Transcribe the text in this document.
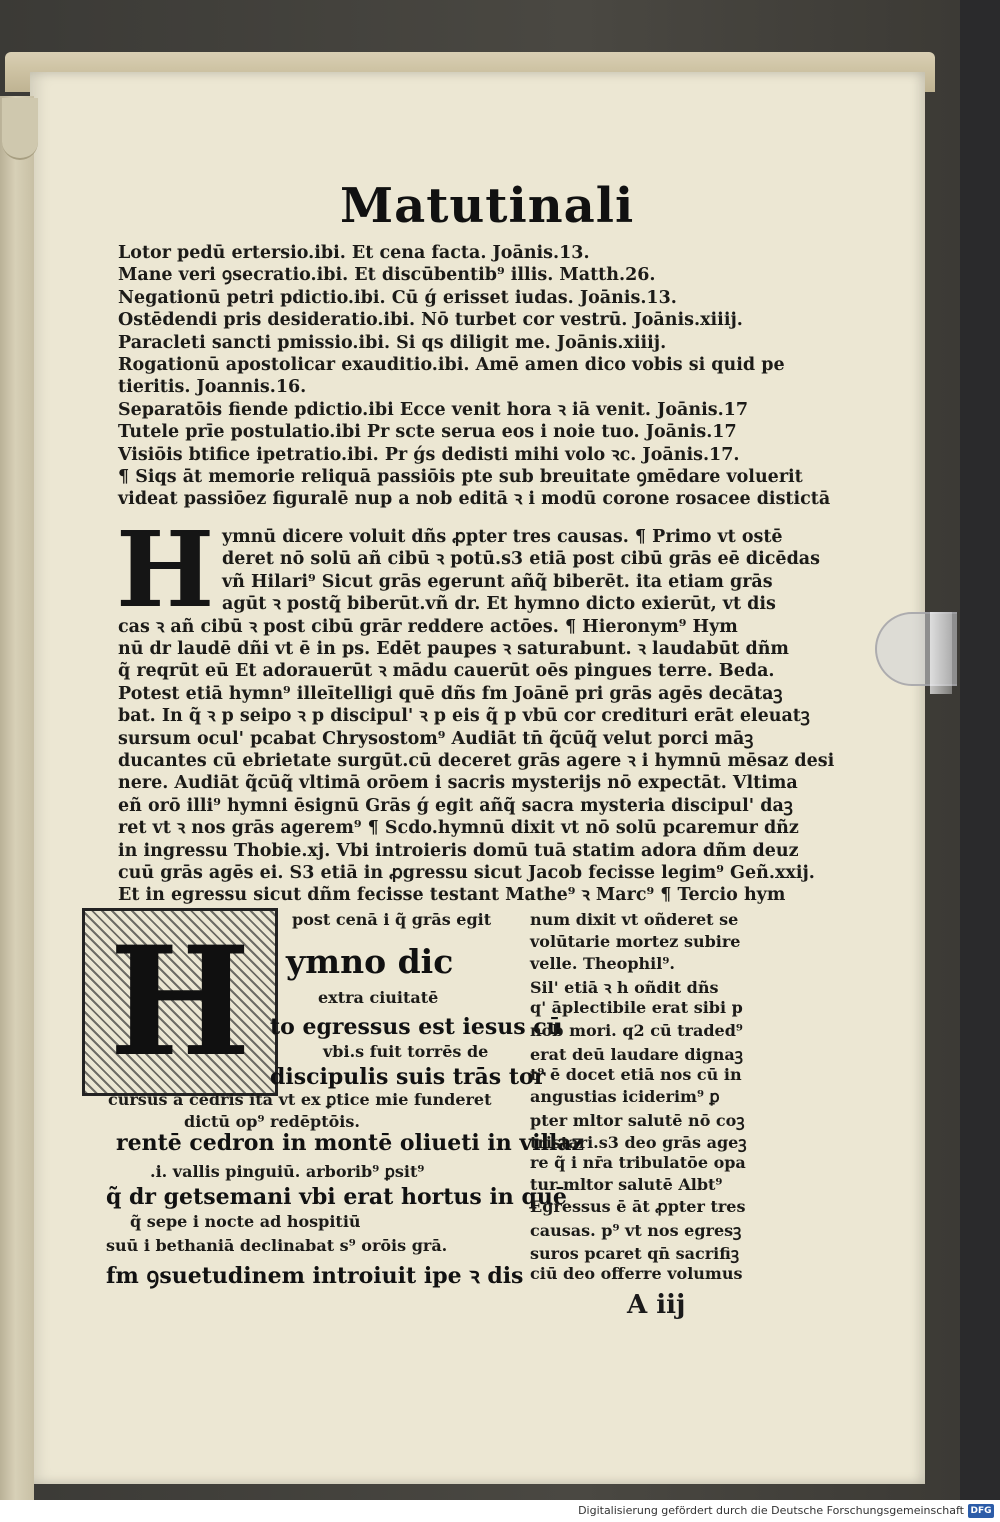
Matutinali
Lotor pedū ertersio.ibi. Et cena facta. Joānis.13.
Mane veri ꝯsecratio.ibi. Et discūbentib⁹ illis. Matth.26.
Negationū petri pdictio.ibi. Cū ǵ erisset iudas. Joānis.13.
Ostēdendi pris desideratio.ibi. Nō turbet cor vestrū. Joānis.xiiij.
Paracleti sancti pmissio.ibi. Si qs diligit me. Joānis.xiiij.
Rogationū apostolicar exauditio.ibi. Amē amen dico vobis si quid pe
tieritis. Joannis.16.
Separatōis fiende pdictio.ibi Ecce venit hora ꝛ iā venit. Joānis.17
Tutele prīe postulatio.ibi Pr scte serua eos i noie tuo. Joānis.17
Visiōis btifice ipetratio.ibi. Pr ǵs dedisti mihi volo ꝛc. Joānis.17.
¶ Siqs āt memorie reliquā passiōis pte sub breuitate ꝯmēdare voluerit
videat passiōez figuralē nup a nob editā ꝛ i modū corone rosacee distictā
H ymnū dicere voluit dñs ꝓpter tres causas. ¶ Primo vt ostē
deret nō solū añ cibū ꝛ potū.s3 etiā post cibū grās eē dicēdas
vñ Hilari⁹ Sicut grās egerunt añq̃ biberēt. ita etiam grās
agūt ꝛ postq̃ biberūt.vñ dr. Et hymno dicto exierūt, vt dis
cas ꝛ añ cibū ꝛ post cibū grār reddere actōes. ¶ Hieronym⁹ Hym
nū dr laudē dñi vt ē in ps. Edēt paupes ꝛ saturabunt. ꝛ laudabūt dñm
q̃ reqrūt eū Et adorauerūt ꝛ mādu cauerūt oēs pingues terre. Beda.
Potest etiā hymn⁹ illeītelligi quē dñs fm Joānē pri grās agēs decātaꝫ
bat. In q̃ ꝛ p seipo ꝛ p discipul' ꝛ p eis q̃ p vbū cor credituri erāt eleuatꝫ
sursum ocul' pcabat Chrysostom⁹ Audiāt tn̄ q̃cūq̃ velut porci māꝫ
ducantes cū ebrietate surgūt.cū deceret grās agere ꝛ i hymnū mēsaz desi
nere. Audiāt q̃cūq̃ vltimā orōem i sacris mysterijs nō expectāt. Vltima
eñ orō illi⁹ hymni ēsignū Grās ǵ egit añq̃ sacra mysteria discipul' daꝫ
ret vt ꝛ nos grās agerem⁹ ¶ Scdo.hymnū dixit vt nō solū pcaremur dñz
in ingressu Thobie.xj. Vbi introieris domū tuā statim adora dñm deuz
cuū grās agēs ei. S3 etiā in ꝓgressu sicut Jacob fecisse legim⁹ Geñ.xxij.
Et in egressu sicut dñm fecisse testant Mathe⁹ ꝛ Marc⁹ ¶ Tercio hym
H	post cenā i q̃ grās egit
extra ciuitatē
vbi.s fuit torrēs de
cursus a cedris ita vt ex ꝑtice mie funderet
dictū op⁹ redēptōis.
.i. vallis pinguiū. arborib⁹ ꝑsit⁹
q̃ sepe i nocte ad hospitiū
suū i bethaniā declinabat s⁹ orōis grā.
ymno dic
to egressus est iesus cū
discipulis suis trās tor
rentē cedron in montē oliueti in villaz
q̃ dr getsemani vbi erat hortus in quē
fm ꝯsuetudinem introiuit ipe ꝛ dis
num dixit vt oñderet se
volūtarie mortez subire
velle. Theophil⁹.
Sil' etiā ꝛ h oñdit dñs
q' āplectibile erat sibi p
nob mori. q2 cū traded⁹
erat deū laudare dignaꝫ
t⁹ ē docet etiā nos cū in
angustias iciderim⁹ ꝑ
pter mltor salutē nō coꝫ
tristari.s3 deo grās ageꝫ
re q̃ i nr̄a tribulatōe opa
tur mltor salutē Albt⁹
Egressus ē āt ꝓpter tres
causas. p⁹ vt nos egresꝫ
suros pcaret qn̄ sacrifiꝫ
ciū deo offerre volumus
A iij
Digitalisierung gefördert durch die Deutsche Forschungsgemeinschaft DFG
